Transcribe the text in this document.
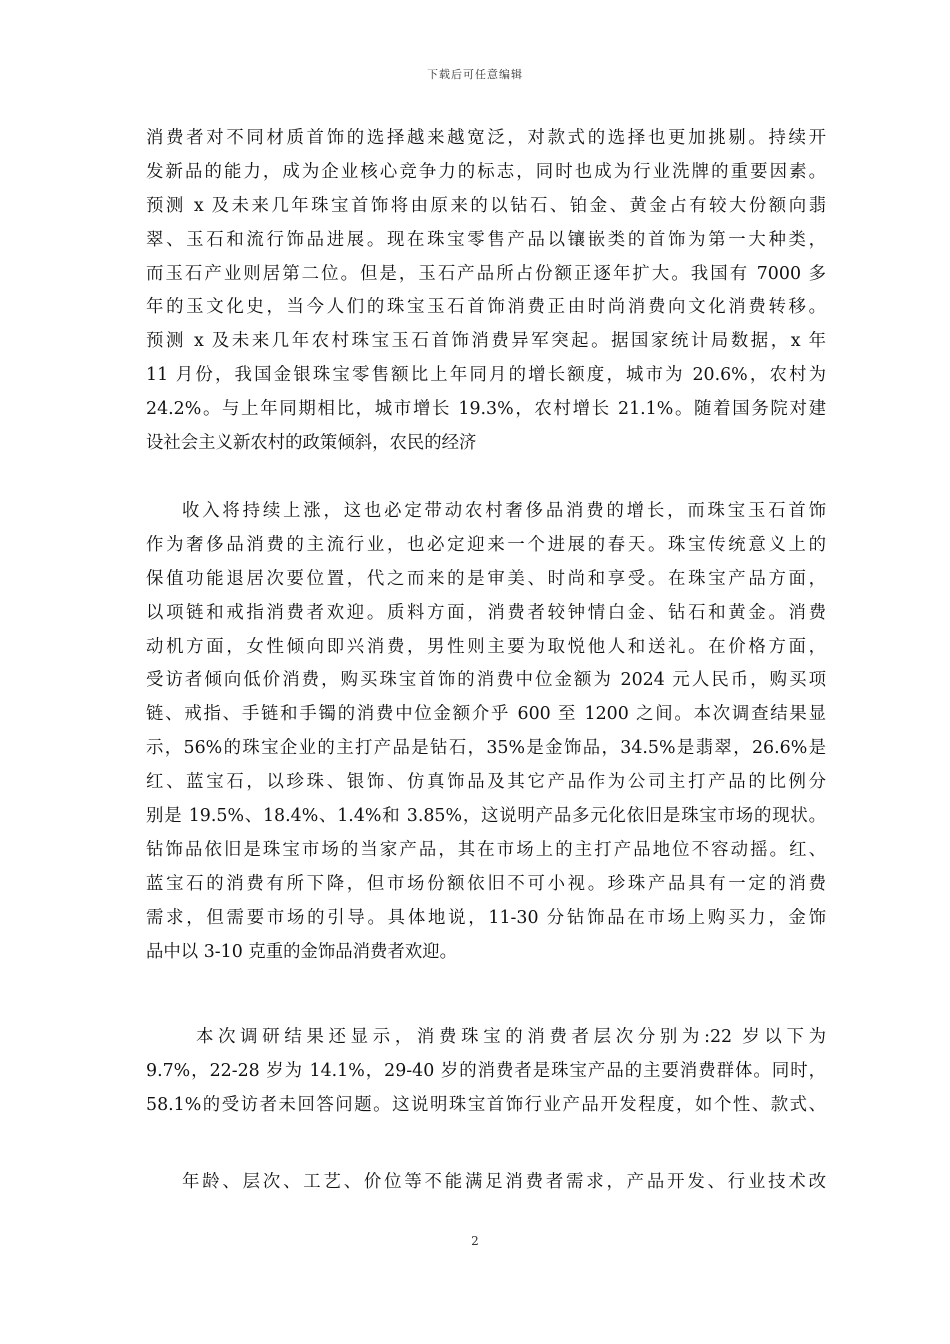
下载后可任意编辑
消费者对不同材质首饰的选择越来越宽泛，对款式的选择也更加挑剔。持续开
发新品的能力，成为企业核心竞争力的标志，同时也成为行业洗牌的重要因素。
预测 x 及未来几年珠宝首饰将由原来的以钻石、铂金、黄金占有较大份额向翡
翠、玉石和流行饰品进展。现在珠宝零售产品以镶嵌类的首饰为第一大种类，
而玉石产业则居第二位。但是，玉石产品所占份额正逐年扩大。我国有 7000 多
年的玉文化史，当今人们的珠宝玉石首饰消费正由时尚消费向文化消费转移。
预测 x 及未来几年农村珠宝玉石首饰消费异军突起。据国家统计局数据，x 年
11 月份，我国金银珠宝零售额比上年同月的增长额度，城市为 20.6%，农村为
24.2%。与上年同期相比，城市增长 19.3%，农村增长 21.1%。随着国务院对建
设社会主义新农村的政策倾斜，农民的经济
收入将持续上涨，这也必定带动农村奢侈品消费的增长，而珠宝玉石首饰
作为奢侈品消费的主流行业，也必定迎来一个进展的春天。珠宝传统意义上的
保值功能退居次要位置，代之而来的是审美、时尚和享受。在珠宝产品方面，
以项链和戒指消费者欢迎。质料方面，消费者较钟情白金、钻石和黄金。消费
动机方面，女性倾向即兴消费，男性则主要为取悦他人和送礼。在价格方面，
受访者倾向低价消费，购买珠宝首饰的消费中位金额为 2024 元人民币，购买项
链、戒指、手链和手镯的消费中位金额介乎 600 至 1200 之间。本次调查结果显
示，56%的珠宝企业的主打产品是钻石，35%是金饰品，34.5%是翡翠，26.6%是
红、蓝宝石，以珍珠、银饰、仿真饰品及其它产品作为公司主打产品的比例分
别是 19.5%、18.4%、1.4%和 3.85%，这说明产品多元化依旧是珠宝市场的现状。
钻饰品依旧是珠宝市场的当家产品，其在市场上的主打产品地位不容动摇。红、
蓝宝石的消费有所下降，但市场份额依旧不可小视。珍珠产品具有一定的消费
需求，但需要市场的引导。具体地说，11-30 分钻饰品在市场上购买力，金饰
品中以 3-10 克重的金饰品消费者欢迎。
本次调研结果还显示，消费珠宝的消费者层次分别为:22 岁以下为
9.7%，22-28 岁为 14.1%，29-40 岁的消费者是珠宝产品的主要消费群体。同时，
58.1%的受访者未回答问题。这说明珠宝首饰行业产品开发程度，如个性、款式、
年龄、层次、工艺、价位等不能满足消费者需求，产品开发、行业技术改
2
